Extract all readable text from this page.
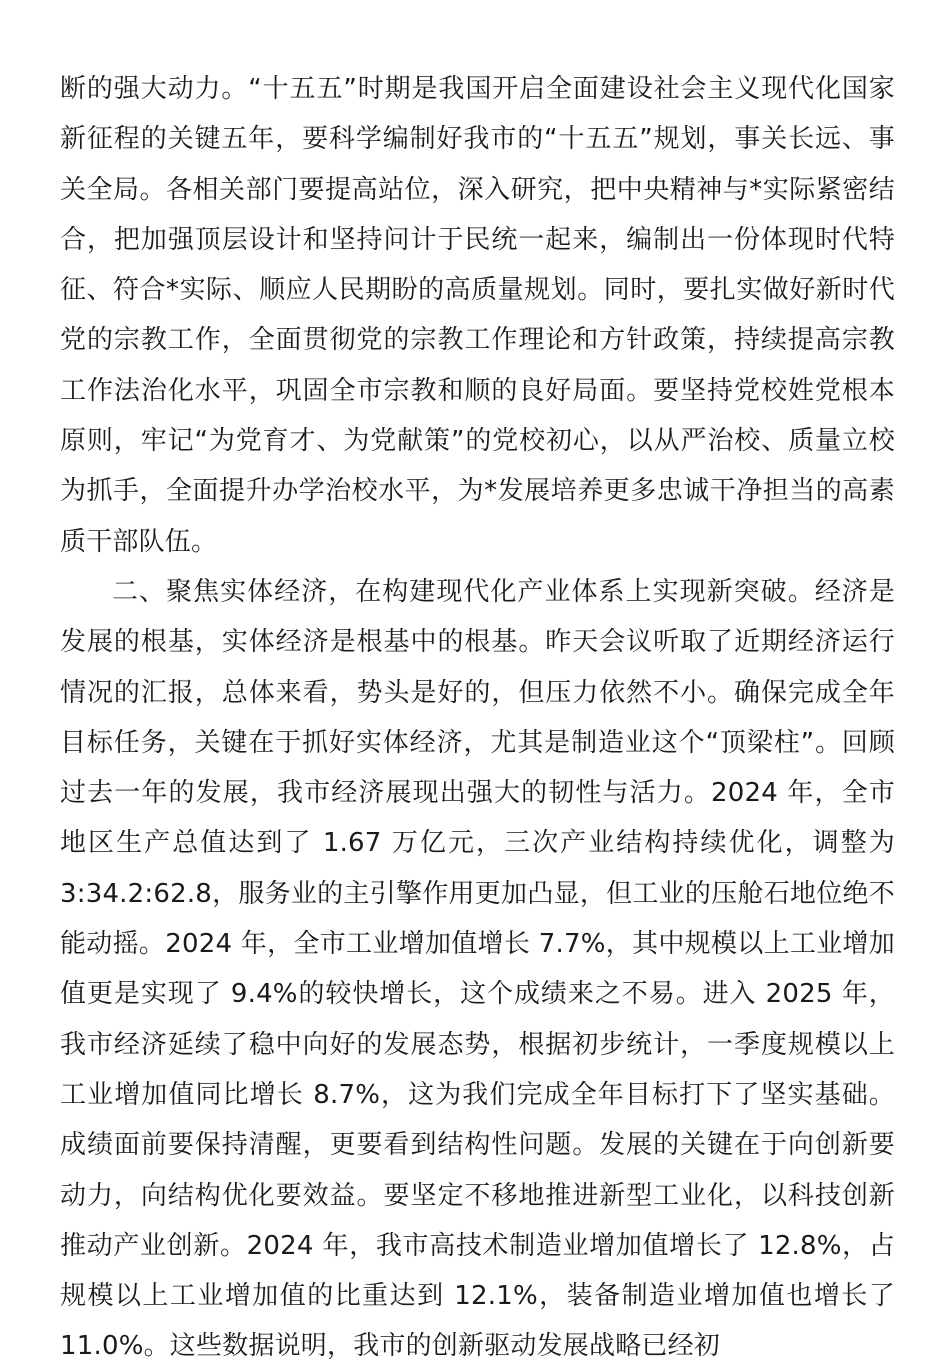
断的强大动力。“十五五”时期是我国开启全面建设社会主义现代化国家新征程的关键五年，要科学编制好我市的“十五五”规划，事关长远、事关全局。各相关部门要提高站位，深入研究，把中央精神与*实际紧密结合，把加强顶层设计和坚持问计于民统一起来，编制出一份体现时代特征、符合*实际、顺应人民期盼的高质量规划。同时，要扎实做好新时代党的宗教工作，全面贯彻党的宗教工作理论和方针政策，持续提高宗教工作法治化水平，巩固全市宗教和顺的良好局面。要坚持党校姓党根本原则，牢记“为党育才、为党献策”的党校初心，以从严治校、质量立校为抓手，全面提升办学治校水平，为*发展培养更多忠诚干净担当的高素质干部队伍。

二、聚焦实体经济，在构建现代化产业体系上实现新突破。经济是发展的根基，实体经济是根基中的根基。昨天会议听取了近期经济运行情况的汇报，总体来看，势头是好的，但压力依然不小。确保完成全年目标任务，关键在于抓好实体经济，尤其是制造业这个“顶梁柱”。回顾过去一年的发展，我市经济展现出强大的韧性与活力。2024 年，全市地区生产总值达到了 1.67 万亿元，三次产业结构持续优化，调整为 3:34.2:62.8，服务业的主引擎作用更加凸显，但工业的压舱石地位绝不能动摇。2024 年，全市工业增加值增长 7.7%，其中规模以上工业增加值更是实现了 9.4%的较快增长，这个成绩来之不易。进入 2025 年，我市经济延续了稳中向好的发展态势，根据初步统计，一季度规模以上工业增加值同比增长 8.7%，这为我们完成全年目标打下了坚实基础。成绩面前要保持清醒，更要看到结构性问题。发展的关键在于向创新要动力，向结构优化要效益。要坚定不移地推进新型工业化，以科技创新推动产业创新。2024 年，我市高技术制造业增加值增长了 12.8%，占规模以上工业增加值的比重达到 12.1%，装备制造业增加值也增长了 11.0%。这些数据说明，我市的创新驱动发展战略已经初
